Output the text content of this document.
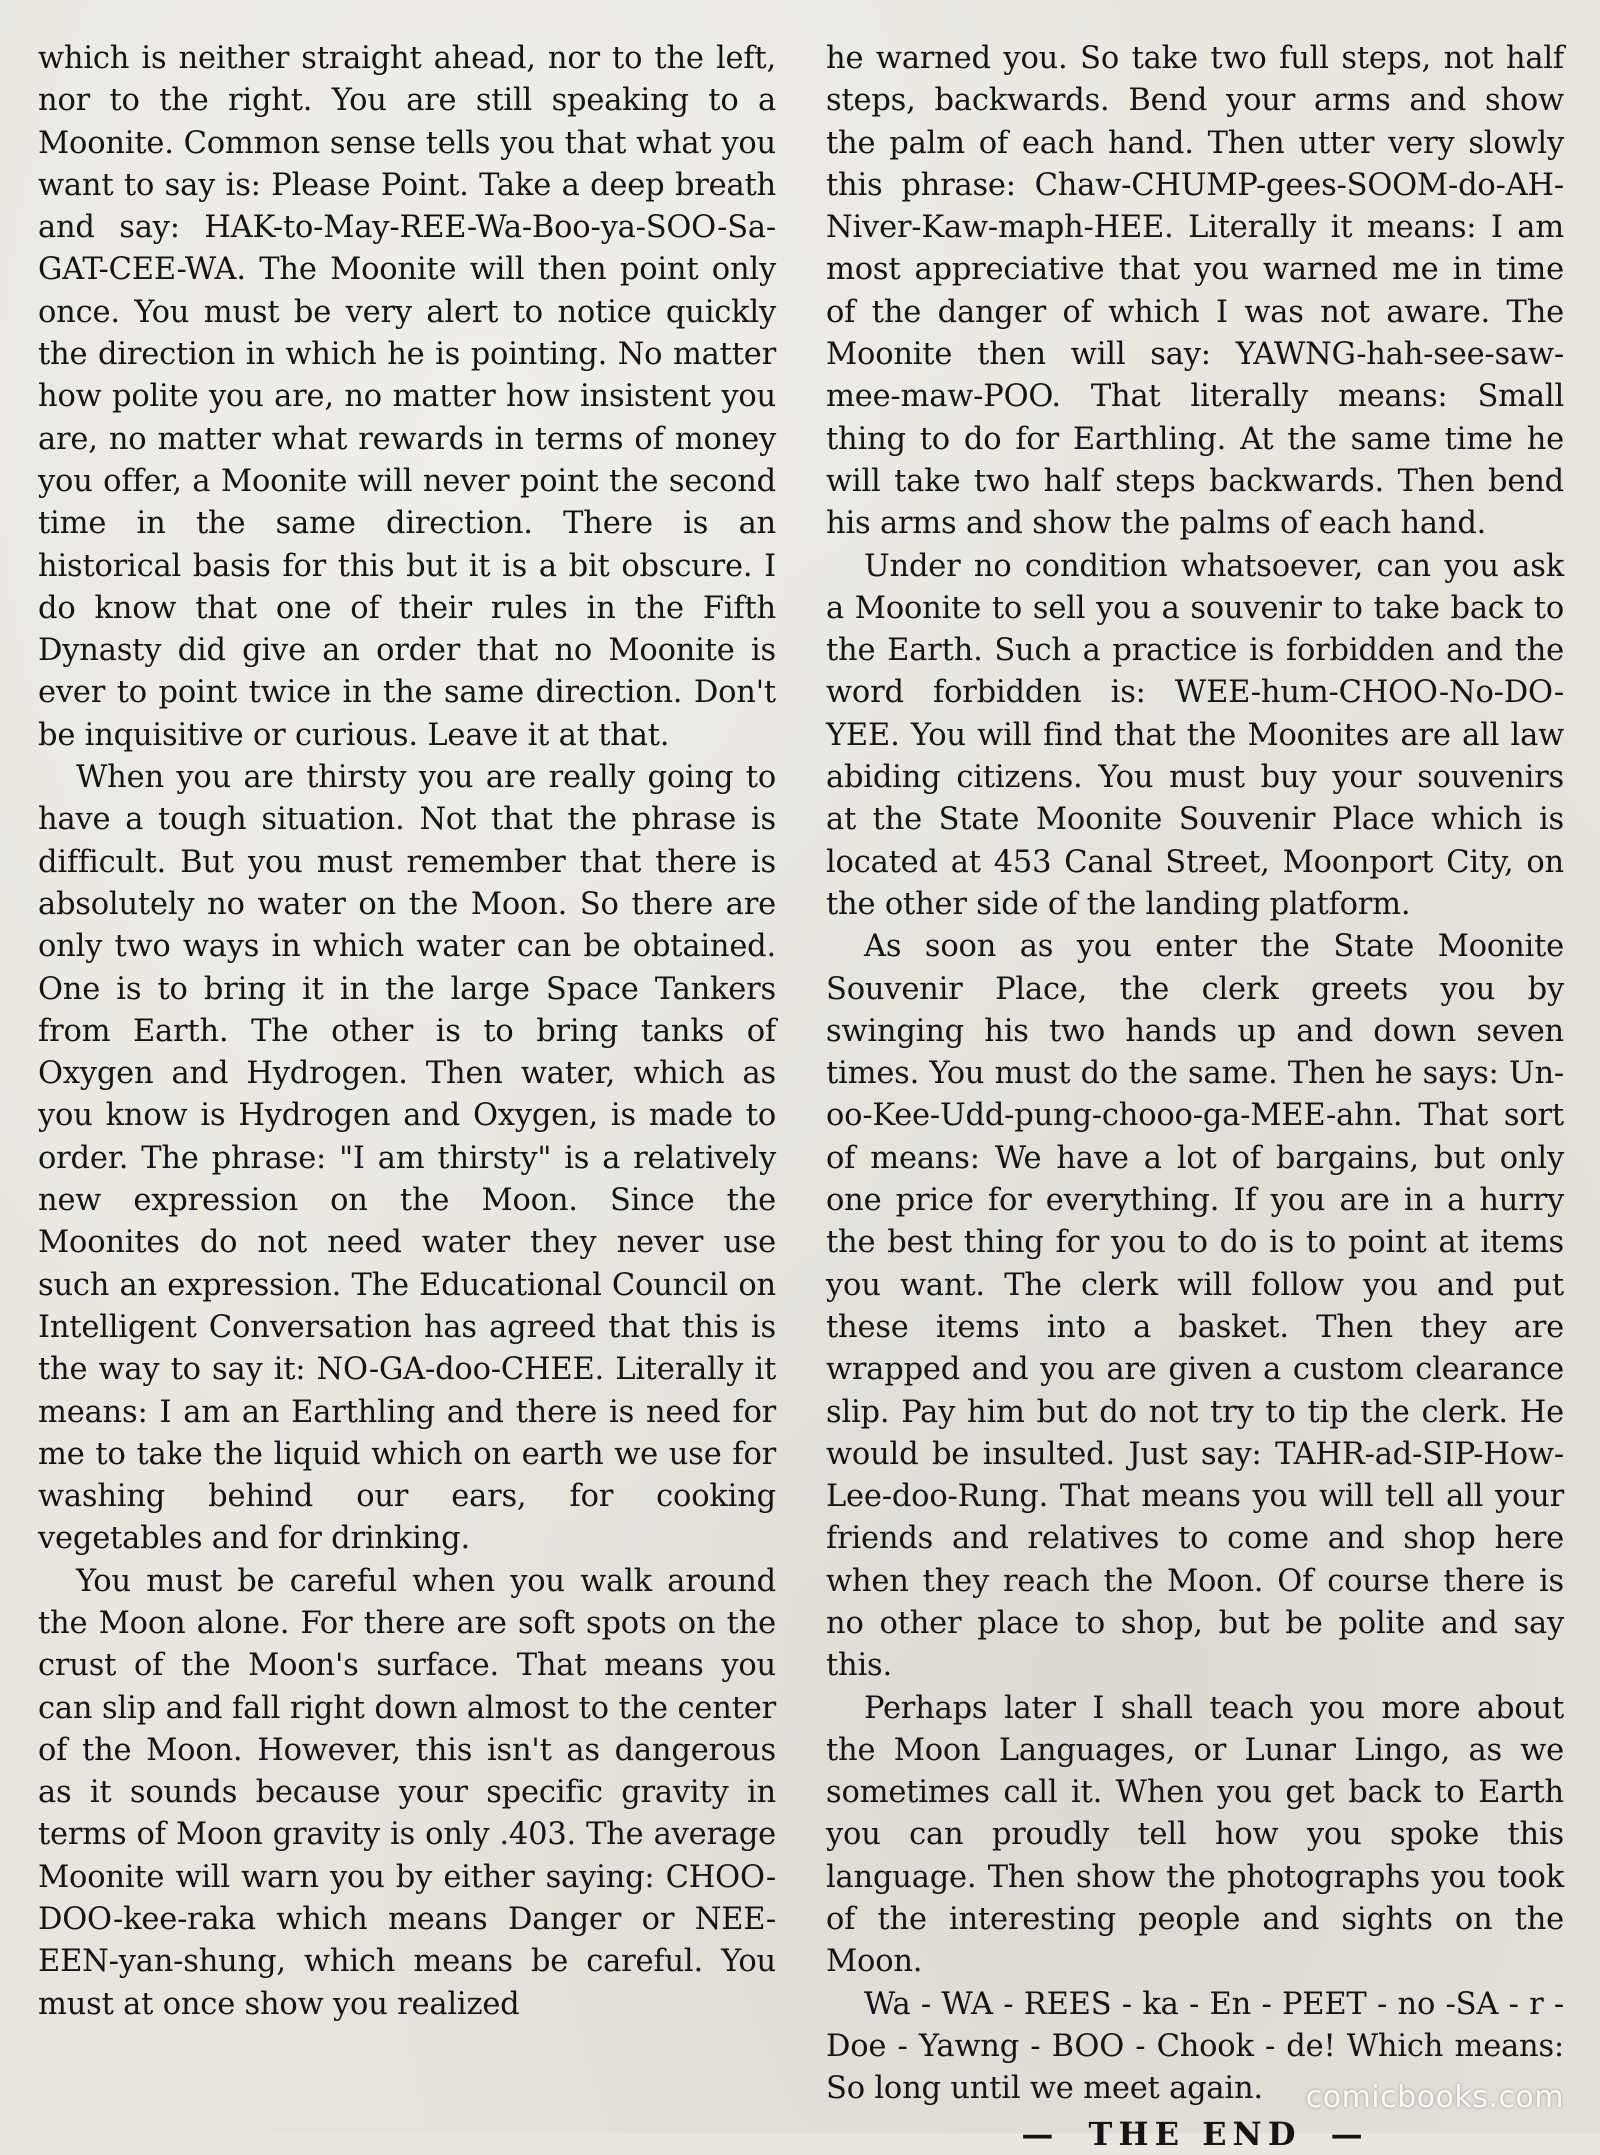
which is neither straight ahead, nor to the left, nor to the right. You are still speaking to a Moonite. Common sense tells you that what you want to say is: Please Point. Take a deep breath and say: HAK-to-May-REE-Wa-Boo-ya-SOO-Sa-GAT-CEE-WA. The Moonite will then point only once. You must be very alert to notice quickly the direction in which he is pointing. No matter how polite you are, no matter how insistent you are, no matter what rewards in terms of money you offer, a Moonite will never point the second time in the same direction. There is an historical basis for this but it is a bit obscure. I do know that one of their rules in the Fifth Dynasty did give an order that no Moonite is ever to point twice in the same direction. Don't be inquisitive or curious. Leave it at that.

When you are thirsty you are really going to have a tough situation. Not that the phrase is difficult. But you must remember that there is absolutely no water on the Moon. So there are only two ways in which water can be obtained. One is to bring it in the large Space Tankers from Earth. The other is to bring tanks of Oxygen and Hydrogen. Then water, which as you know is Hydrogen and Oxygen, is made to order. The phrase: "I am thirsty" is a relatively new expression on the Moon. Since the Moonites do not need water they never use such an expression. The Educational Council on Intelligent Conversation has agreed that this is the way to say it: NO-GA-doo-CHEE. Literally it means: I am an Earthling and there is need for me to take the liquid which on earth we use for washing behind our ears, for cooking vegetables and for drinking.

You must be careful when you walk around the Moon alone. For there are soft spots on the crust of the Moon's surface. That means you can slip and fall right down almost to the center of the Moon. However, this isn't as dangerous as it sounds because your specific gravity in terms of Moon gravity is only .403. The average Moonite will warn you by either saying: CHOO-DOO-kee-raka which means Danger or NEE-EEN-yan-shung, which means be careful. You must at once show you realized

he warned you. So take two full steps, not half steps, backwards. Bend your arms and show the palm of each hand. Then utter very slowly this phrase: Chaw-CHUMP-gees-SOOM-do-AH-Niver-Kaw-maph-HEE. Literally it means: I am most appreciative that you warned me in time of the danger of which I was not aware. The Moonite then will say: YAWNG-hah-see-saw-mee-maw-POO. That literally means: Small thing to do for Earthling. At the same time he will take two half steps backwards. Then bend his arms and show the palms of each hand.

Under no condition whatsoever, can you ask a Moonite to sell you a souvenir to take back to the Earth. Such a practice is forbidden and the word forbidden is: WEE-hum-CHOO-No-DO-YEE. You will find that the Moonites are all law abiding citizens. You must buy your souvenirs at the State Moonite Souvenir Place which is located at 453 Canal Street, Moonport City, on the other side of the landing platform.

As soon as you enter the State Moonite Souvenir Place, the clerk greets you by swinging his two hands up and down seven times. You must do the same. Then he says: Un-oo-Kee-Udd-pung-chooo-ga-MEE-ahn. That sort of means: We have a lot of bargains, but only one price for everything. If you are in a hurry the best thing for you to do is to point at items you want. The clerk will follow you and put these items into a basket. Then they are wrapped and you are given a custom clearance slip. Pay him but do not try to tip the clerk. He would be insulted. Just say: TAHR-ad-SIP-How-Lee-doo-Rung. That means you will tell all your friends and relatives to come and shop here when they reach the Moon. Of course there is no other place to shop, but be polite and say this.

Perhaps later I shall teach you more about the Moon Languages, or Lunar Lingo, as we sometimes call it. When you get back to Earth you can proudly tell how you spoke this language. Then show the photographs you took of the interesting people and sights on the Moon.

Wa - WA - REES - ka - En - PEET - no -SA - r - Doe - Yawng - BOO - Chook - de! Which means: So long until we meet again.

— THE END —
comicbooks.com
